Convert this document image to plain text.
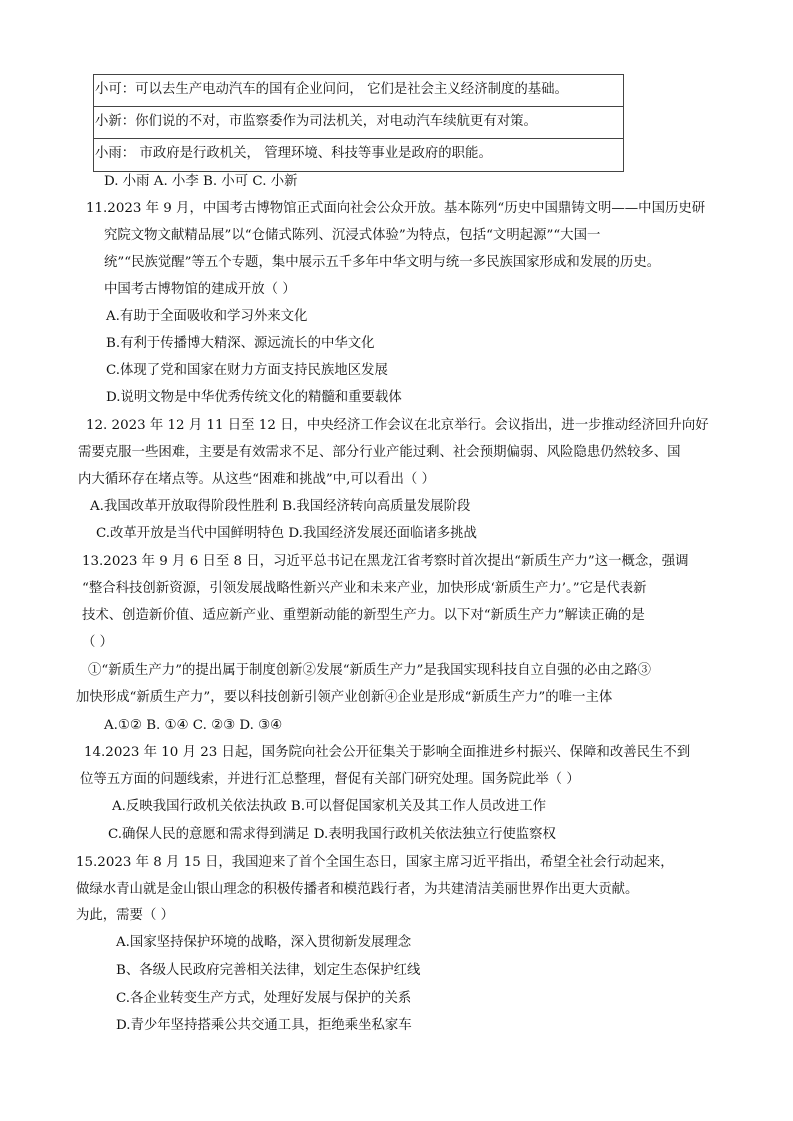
小可：可以去生产电动汽车的国有企业问问， 它们是社会主义经济制度的基础。
小新：你们说的不对，市监察委作为司法机关，对电动汽车续航更有对策。
小雨： 市政府是行政机关， 管理环境、科技等事业是政府的职能。
D. 小雨 A. 小李 B. 小可 C. 小新
11.2023 年 9 月，中国考古博物馆正式面向社会公众开放。基本陈列“历史中国鼎铸文明——中国历史研
究院文物文献精品展”以“仓储式陈列、沉浸式体验”为特点，包括“文明起源”“大国一
统”“民族觉醒”等五个专题，集中展示五千多年中华文明与统一多民族国家形成和发展的历史。
中国考古博物馆的建成开放（ ）
A.有助于全面吸收和学习外来文化
B.有利于传播博大精深、源远流长的中华文化
C.体现了党和国家在财力方面支持民族地区发展
D.说明文物是中华优秀传统文化的精髓和重要载体
12. 2023 年 12 月 11 日至 12 日，中央经济工作会议在北京举行。会议指出，进一步推动经济回升向好
需要克服一些困难，主要是有效需求不足、部分行业产能过剩、社会预期偏弱、风险隐患仍然较多、国
内大循环存在堵点等。从这些“困难和挑战”中,可以看出（ ）
A.我国改革开放取得阶段性胜利 B.我国经济转向高质量发展阶段
C.改革开放是当代中国鲜明特色 D.我国经济发展还面临诸多挑战
13.2023 年 9 月 6 日至 8 日，习近平总书记在黑龙江省考察时首次提出“新质生产力”这一概念，强调
“整合科技创新资源，引领发展战略性新兴产业和未来产业，加快形成‘新质生产力’。”它是代表新
技术、创造新价值、适应新产业、重塑新动能的新型生产力。以下对“新质生产力”解读正确的是
（ ）
①“新质生产力”的提出属于制度创新②发展“新质生产力”是我国实现科技自立自强的必由之路③
加快形成“新质生产力”，要以科技创新引领产业创新④企业是形成“新质生产力”的唯一主体
A.①② B. ①④ C. ②③ D. ③④
14.2023 年 10 月 23 日起，国务院向社会公开征集关于影响全面推进乡村振兴、保障和改善民生不到
位等五方面的问题线索，并进行汇总整理，督促有关部门研究处理。国务院此举（ ）
A.反映我国行政机关依法执政 B.可以督促国家机关及其工作人员改进工作
C.确保人民的意愿和需求得到满足 D.表明我国行政机关依法独立行使监察权
15.2023 年 8 月 15 日，我国迎来了首个全国生态日，国家主席习近平指出，希望全社会行动起来，
做绿水青山就是金山银山理念的积极传播者和模范践行者，为共建清洁美丽世界作出更大贡献。
为此，需要（ ）
A.国家坚持保护环境的战略，深入贯彻新发展理念
B、各级人民政府完善相关法律，划定生态保护红线
C.各企业转变生产方式，处理好发展与保护的关系
D.青少年坚持搭乘公共交通工具，拒绝乘坐私家车
